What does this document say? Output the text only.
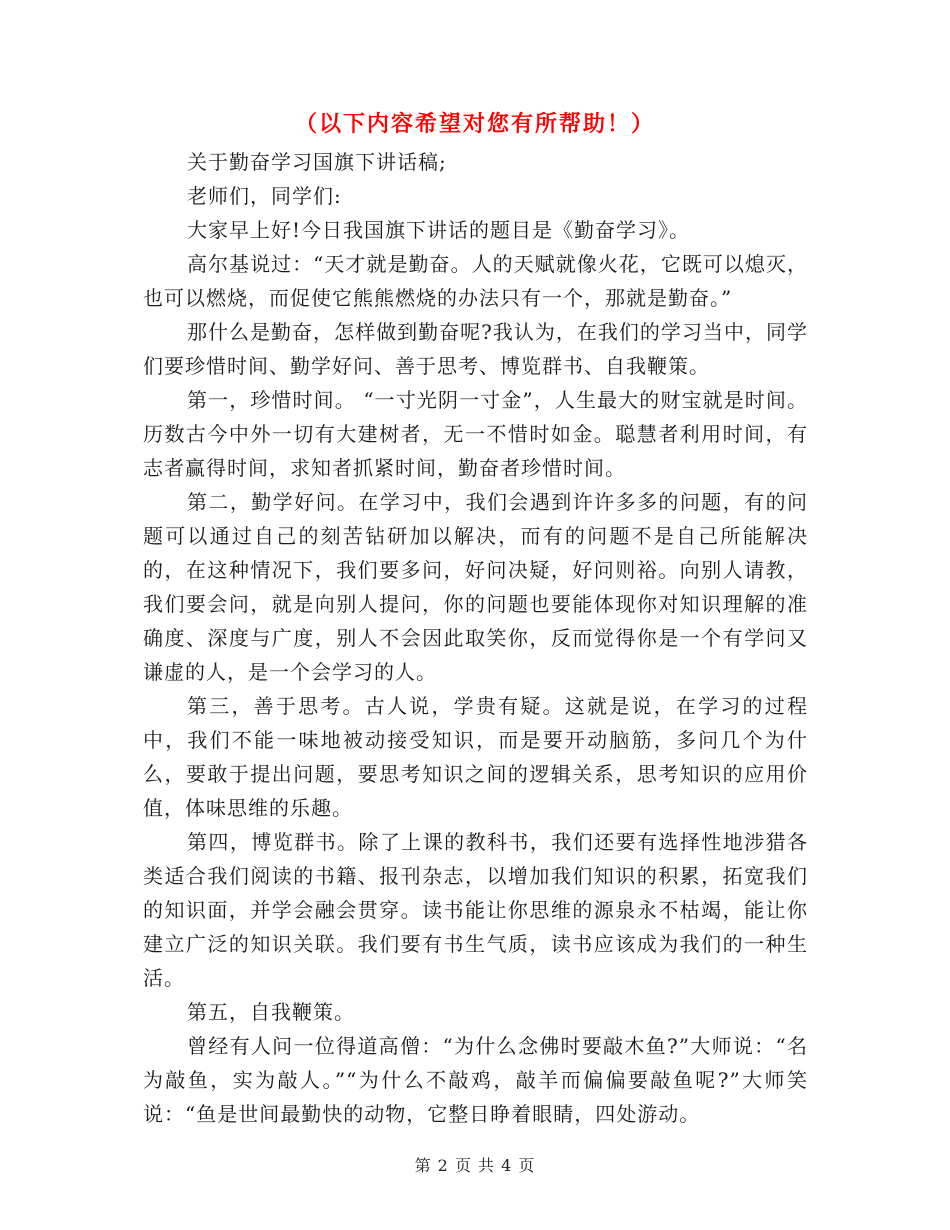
（以下内容希望对您有所帮助！）

关于勤奋学习国旗下讲话稿;

老师们，同学们:

大家早上好!今日我国旗下讲话的题目是《勤奋学习》。

高尔基说过：“天才就是勤奋。人的天赋就像火花，它既可以熄灭，也可以燃烧，而促使它熊熊燃烧的办法只有一个，那就是勤奋。”

那什么是勤奋，怎样做到勤奋呢?我认为，在我们的学习当中，同学们要珍惜时间、勤学好问、善于思考、博览群书、自我鞭策。

第一，珍惜时间。 “一寸光阴一寸金”，人生最大的财宝就是时间。历数古今中外一切有大建树者，无一不惜时如金。聪慧者利用时间，有志者赢得时间，求知者抓紧时间，勤奋者珍惜时间。

第二，勤学好问。在学习中，我们会遇到许许多多的问题，有的问题可以通过自己的刻苦钻研加以解决，而有的问题不是自己所能解决的，在这种情况下，我们要多问，好问决疑，好问则裕。向别人请教，我们要会问，就是向别人提问，你的问题也要能体现你对知识理解的准确度、深度与广度，别人不会因此取笑你，反而觉得你是一个有学问又谦虚的人，是一个会学习的人。

第三，善于思考。古人说，学贵有疑。这就是说，在学习的过程中，我们不能一味地被动接受知识，而是要开动脑筋，多问几个为什么，要敢于提出问题，要思考知识之间的逻辑关系，思考知识的应用价值，体味思维的乐趣。

第四，博览群书。除了上课的教科书，我们还要有选择性地涉猎各类适合我们阅读的书籍、报刊杂志，以增加我们知识的积累，拓宽我们的知识面，并学会融会贯穿。读书能让你思维的源泉永不枯竭，能让你建立广泛的知识关联。我们要有书生气质，读书应该成为我们的一种生活。

第五，自我鞭策。

曾经有人问一位得道高僧：“为什么念佛时要敲木鱼?”大师说：“名为敲鱼，实为敲人。”“为什么不敲鸡，敲羊而偏偏要敲鱼呢?”大师笑说：“鱼是世间最勤快的动物，它整日睁着眼睛，四处游动。

第 2 页 共 4 页
